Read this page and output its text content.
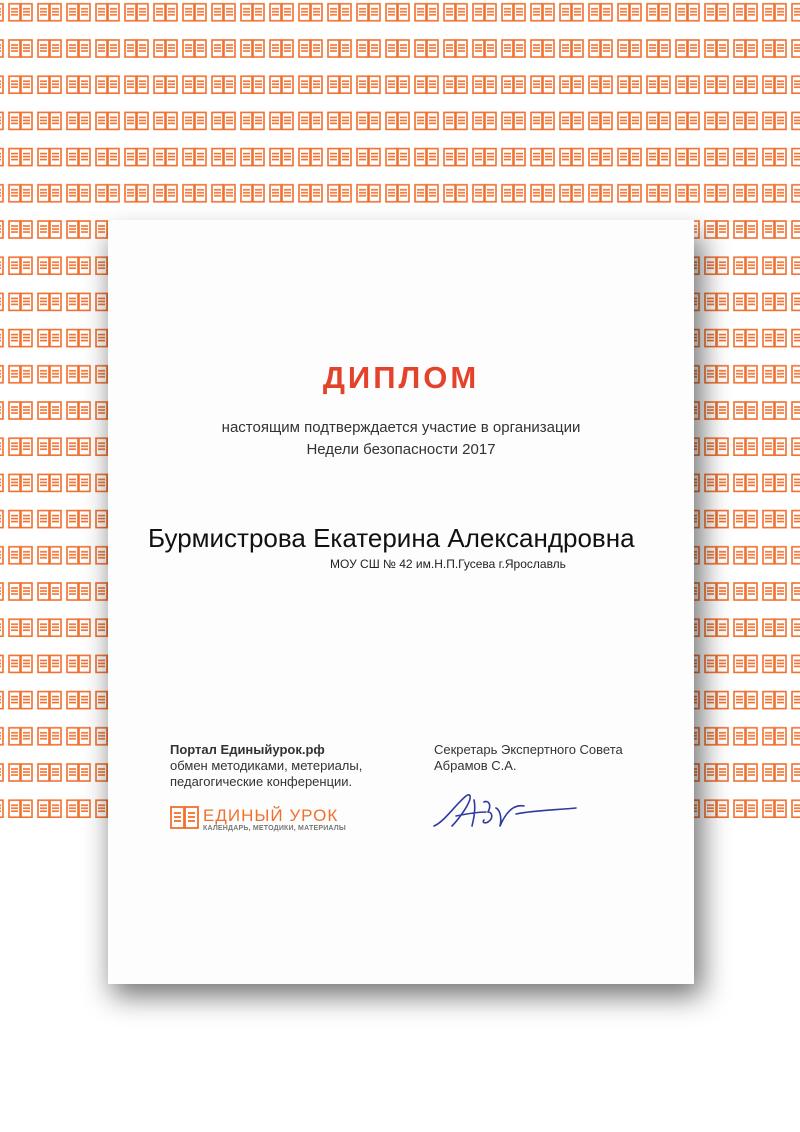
ДИПЛОМ
настоящим подтверждается участие в организации
Недели безопасности 2017
Бурмистрова Екатерина Александровна
МОУ СШ № 42 им.Н.П.Гусева г.Ярославль
Портал Единыйурок.рф
обмен методиками, метериалы,
педагогические конференции.
ЕДИНЫЙ УРОК
КАЛЕНДАРЬ, МЕТОДИКИ, МАТЕРИАЛЫ
Секретарь Экспертного Совета
Абрамов С.А.
